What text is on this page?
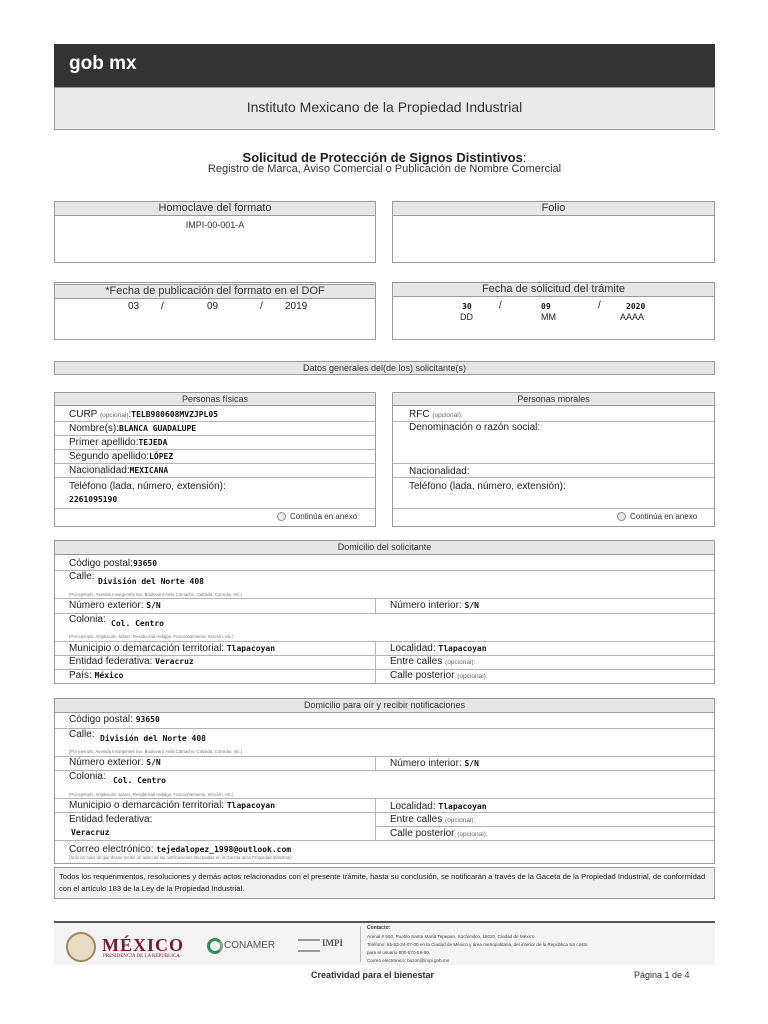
gob mx
Instituto Mexicano de la Propiedad Industrial
Solicitud de Protección de Signos Distintivos:
Registro de Marca, Aviso Comercial o Publicación de Nombre Comercial
Homoclave del formato
IMPI-00-001-A
Folio
*Fecha de publicación del formato en el DOF
03 /	09	/ 2019
Fecha de solicitud del trámite
30	/	09	/	2020
DD	MM	AAAA
Datos generales del(de los) solicitante(s)
Personas físicas
CURP (opcional):TELB980608MVZJPL05
Nombre(s):BLANCA GUADALUPE
Primer apellido:TEJEDA
Segundo apellido:LÓPEZ
Nacionalidad:MEXICANA
Teléfono (lada, número, extensión):
2261095190
Continúa en anexo
Personas morales
RFC (opcional):
Denominación o razón social:
Nacionalidad:
Teléfono (lada, número, extensión):
Continúa en anexo
Domicilio del solicitante
Código postal:93650
Calle: División del Norte 408
(Por ejemplo: Avenida Insurgentes Sur, Boulevard Ávila Camacho, Calzada, Corredor, etc.)
Número exterior: S/N	Número interior: S/N
Colonia: Col. Centro
(Por ejemplo: Ampliación Juárez, Residencial Hidalgo, Fraccionamiento, Sección, etc.)
Municipio o demarcación territorial: Tlapacoyan	Localidad: Tlapacoyan
Entidad federativa: Veracruz	Entre calles (opcional):
País: México	Calle posterior (opcional):
Domicilio para oír y recibir notificaciones
Código postal: 93650
Calle: División del Norte 408
(Por ejemplo: Avenida Insurgentes Sur, Boulevard Ávila Camacho, Calzada, Corredor, etc.)
Número exterior: S/N	Número interior: S/N
Colonia: Col. Centro
(Por ejemplo: Ampliación Juárez, Residencial Hidalgo, Fraccionamiento, Sección, etc.)
Municipio o demarcación territorial: Tlapacoyan	Localidad: Tlapacoyan
Entidad federativa:
Veracruz
Entre calles (opcional):
Calle posterior (opcional):
Correo electrónico: tejedalopez_1998@outlook.com
(Solo en caso de que desee recibir un aviso de las notificaciones efectuadas en la Gaceta de la Propiedad Industrial)
Todos los requerimientos, resoluciones y demás actos relacionados con el presente trámite, hasta su conclusión, se notificarán a través de la Gaceta de la Propiedad Industrial, de conformidad con el artículo 183 de la Ley de la Propiedad Industrial.
MÉXICO
PRESIDENCIA DE LA REPÚBLICA
CONAMER	IMPI
Contacto:
Arenal # 550, Pueblo Santa María Tepepan, Xochimilco, 16020, Ciudad de México.
Teléfono: 55-53-34-07-00 en la Ciudad de México y área metropolitana, del interior de la República sin costo
para el usuario 800-570-59-90.
Correo electrónico: buzon@impi.gob.mx
Creatividad para el bienestar	Página 1 de 4
